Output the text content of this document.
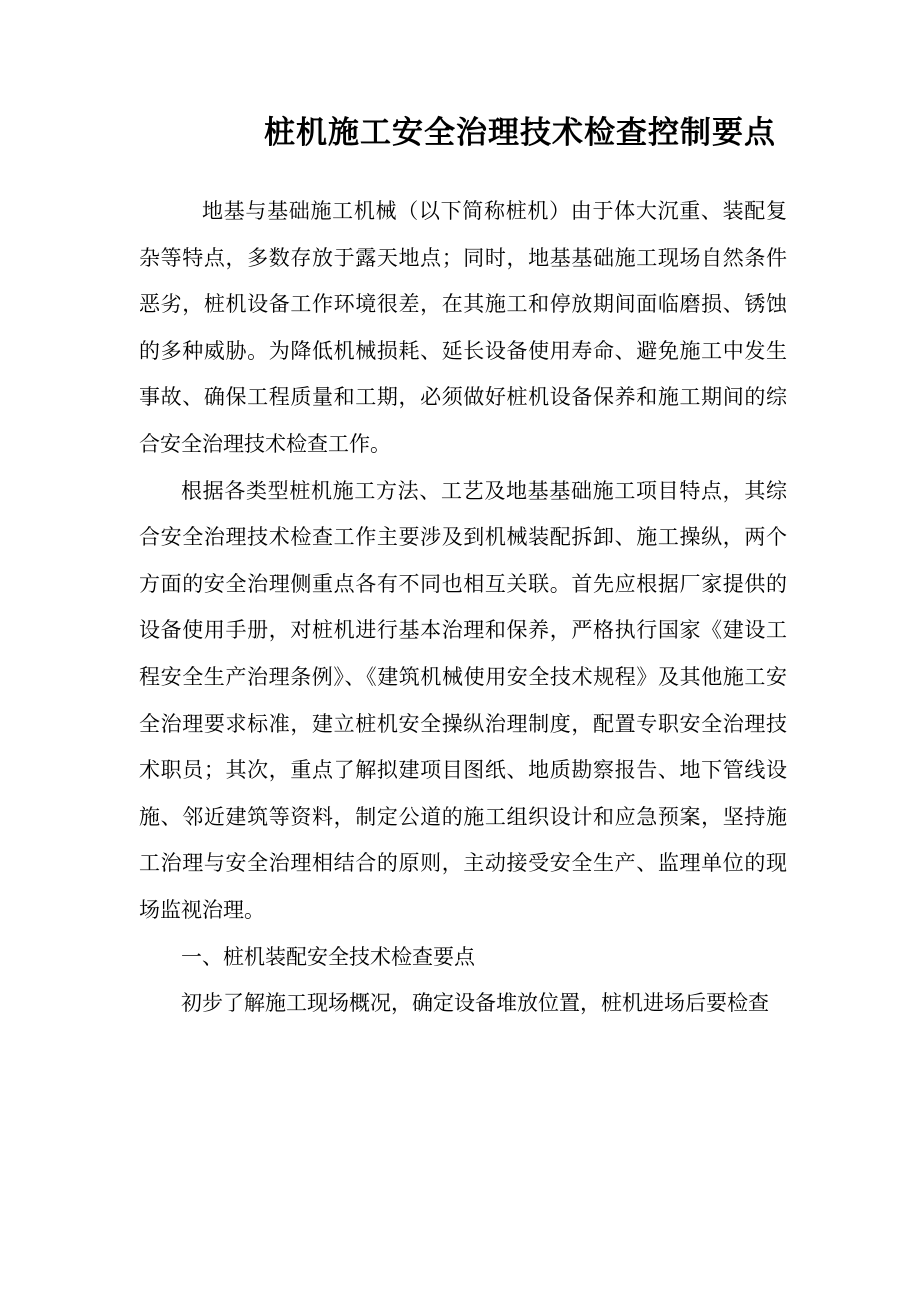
桩机施工安全治理技术检查控制要点

地基与基础施工机械（以下简称桩机）由于体大沉重、装配复杂等特点，多数存放于露天地点；同时，地基基础施工现场自然条件恶劣，桩机设备工作环境很差，在其施工和停放期间面临磨损、锈蚀的多种威胁。为降低机械损耗、延长设备使用寿命、避免施工中发生事故、确保工程质量和工期，必须做好桩机设备保养和施工期间的综合安全治理技术检查工作。

根据各类型桩机施工方法、工艺及地基基础施工项目特点，其综合安全治理技术检查工作主要涉及到机械装配拆卸、施工操纵，两个方面的安全治理侧重点各有不同也相互关联。首先应根据厂家提供的设备使用手册，对桩机进行基本治理和保养，严格执行国家《建设工程安全生产治理条例》、《建筑机械使用安全技术规程》及其他施工安全治理要求标准，建立桩机安全操纵治理制度，配置专职安全治理技术职员；其次，重点了解拟建项目图纸、地质勘察报告、地下管线设施、邻近建筑等资料，制定公道的施工组织设计和应急预案，坚持施工治理与安全治理相结合的原则，主动接受安全生产、监理单位的现场监视治理。

一、桩机装配安全技术检查要点

初步了解施工现场概况，确定设备堆放位置，桩机进场后要检查
